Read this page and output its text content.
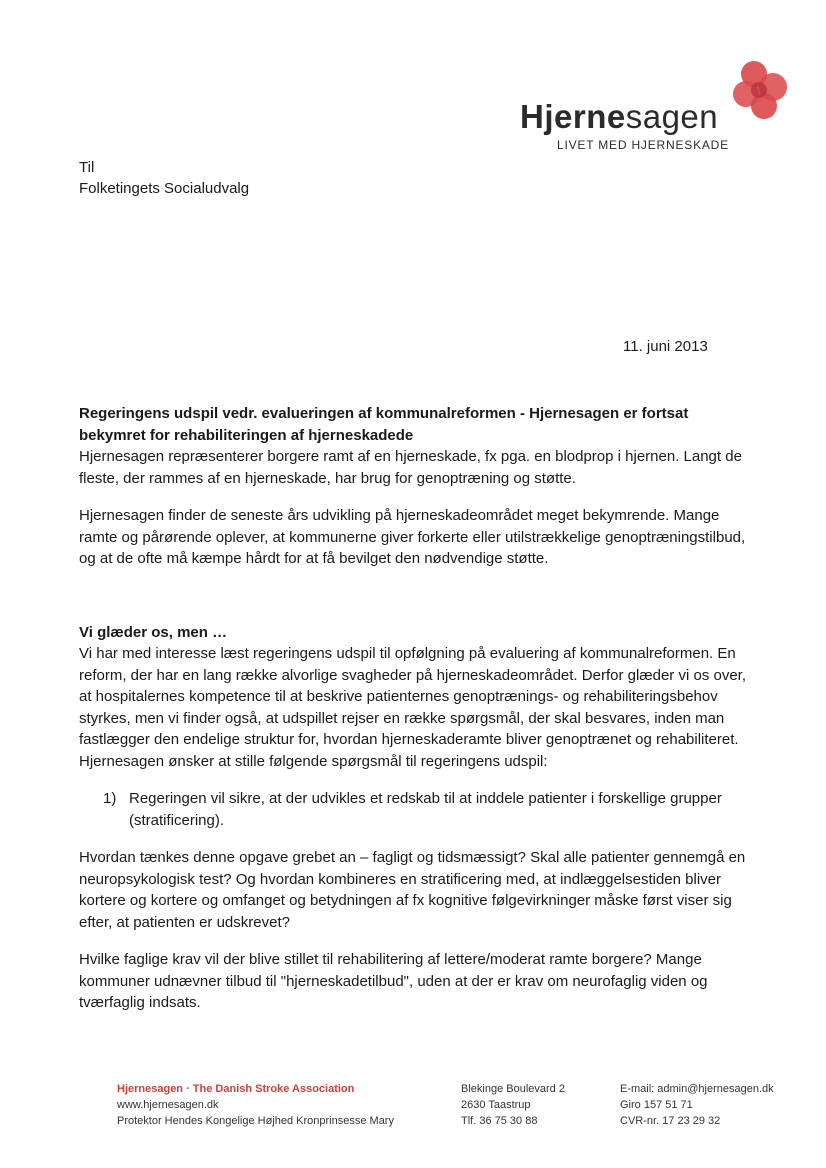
Hjernesagen
LIVET MED HJERNESKADE
Til
Folketingets Socialudvalg
11. juni 2013

Regeringens udspil vedr. evalueringen af kommunalreformen - Hjernesagen er fortsat bekymret for rehabiliteringen af hjerneskadede

Hjernesagen repræsenterer borgere ramt af en hjerneskade, fx pga. en blodprop i hjernen. Langt de fleste, der rammes af en hjerneskade, har brug for genoptræning og støtte.

Hjernesagen finder de seneste års udvikling på hjerneskadeområdet meget bekymrende. Mange ramte og pårørende oplever, at kommunerne giver forkerte eller utilstrækkelige genoptræningstilbud, og at de ofte må kæmpe hårdt for at få bevilget den nødvendige støtte.

Vi glæder os, men …

Vi har med interesse læst regeringens udspil til opfølgning på evaluering af kommunalreformen. En reform, der har en lang række alvorlige svagheder på hjerneskadeområdet. Derfor glæder vi os over, at hospitalernes kompetence til at beskrive patienternes genoptrænings- og rehabiliteringsbehov styrkes, men vi finder også, at udspillet rejser en række spørgsmål, der skal besvares, inden man fastlægger den endelige struktur for, hvordan hjerneskaderamte bliver genoptrænet og rehabiliteret.

Hjernesagen ønsker at stille følgende spørgsmål til regeringens udspil:

1) Regeringen vil sikre, at der udvikles et redskab til at inddele patienter i forskellige grupper (stratificering).

Hvordan tænkes denne opgave grebet an – fagligt og tidsmæssigt? Skal alle patienter gennemgå en neuropsykologisk test? Og hvordan kombineres en stratificering med, at indlæggelsestiden bliver kortere og kortere og omfanget og betydningen af fx kognitive følgevirkninger måske først viser sig efter, at patienten er udskrevet?

Hvilke faglige krav vil der blive stillet til rehabilitering af lettere/moderat ramte borgere? Mange kommuner udnævner tilbud til "hjerneskadetilbud", uden at der er krav om neurofaglig viden og tværfaglig indsats.

Hjernesagen · The Danish Stroke Association
www.hjernesagen.dk
Protektor Hendes Kongelige Højhed Kronprinsesse Mary
Blekinge Boulevard 2
2630 Taastrup
Tlf. 36 75 30 88
E-mail: admin@hjernesagen.dk
Giro 157 51 71
CVR-nr. 17 23 29 32
